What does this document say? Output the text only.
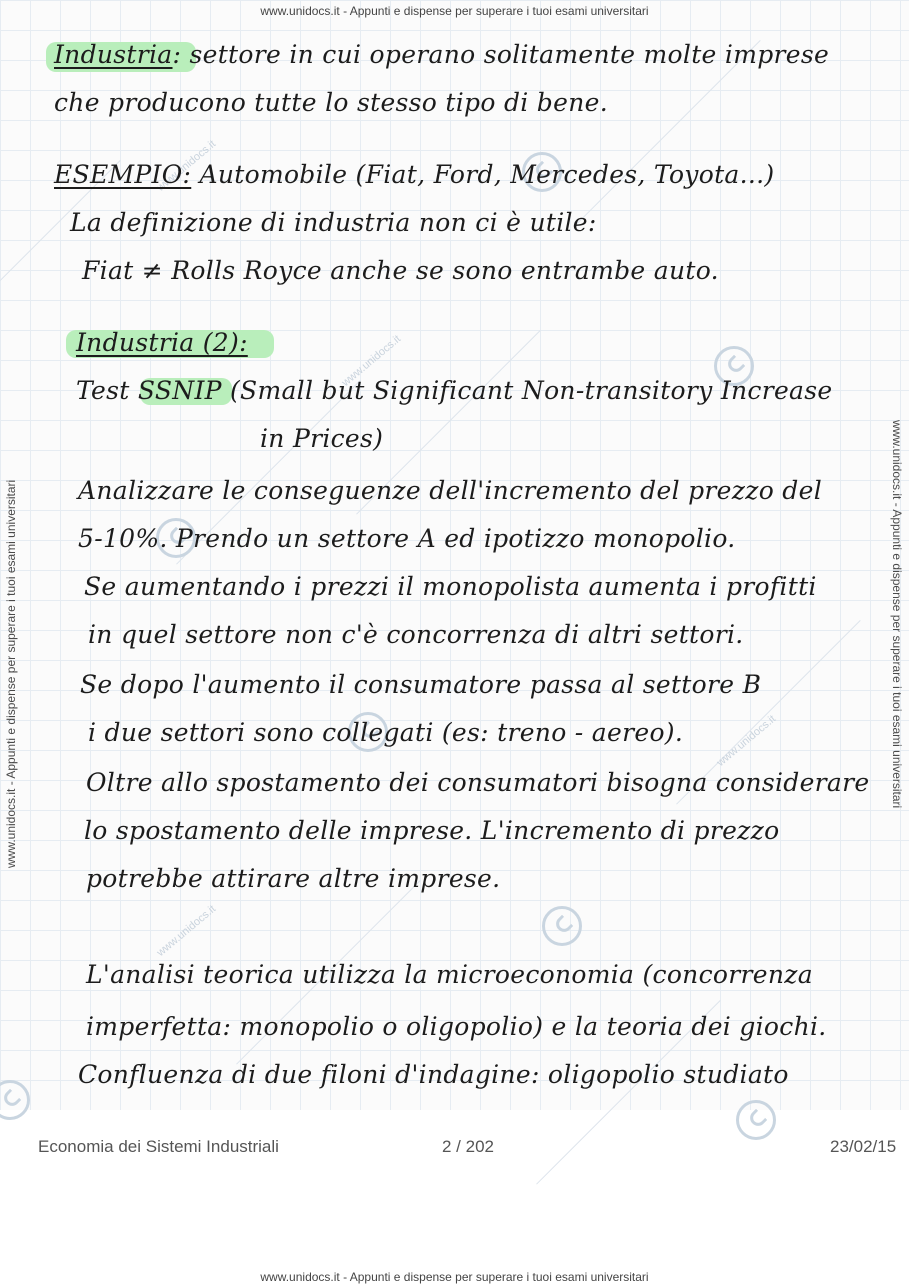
www.unidocs.it
www.unidocs.it
www.unidocs.it
www.unidocs.it
www.unidocs.it - Appunti e dispense per superare i tuoi esami universitari
www.unidocs.it - Appunti e dispense per superare i tuoi esami universitari	www.unidocs.it - Appunti e dispense per superare i tuoi esami universitari
Industria: settore in cui operano solitamente molte imprese
che producono tutte lo stesso tipo di bene.
ESEMPIO: Automobile (Fiat, Ford, Mercedes, Toyota...)
La definizione di industria non ci è utile:
Fiat ≠ Rolls Royce anche se sono entrambe auto.
Industria (2):
Test SSNIP (Small but Significant Non-transitory Increase
in Prices)
Analizzare le conseguenze dell'incremento del prezzo del
5-10%. Prendo un settore A ed ipotizzo monopolio.
Se aumentando i prezzi il monopolista aumenta i profitti
in quel settore non c'è concorrenza di altri settori.
Se dopo l'aumento il consumatore passa al settore B
i due settori sono collegati (es: treno - aereo).
Oltre allo spostamento dei consumatori bisogna considerare
lo spostamento delle imprese. L'incremento di prezzo
potrebbe attirare altre imprese.
L'analisi teorica utilizza la microeconomia (concorrenza
imperfetta: monopolio o oligopolio) e la teoria dei giochi.
Confluenza di due filoni d'indagine: oligopolio studiato
Economia dei Sistemi Industriali	2 / 202	23/02/15
www.unidocs.it - Appunti e dispense per superare i tuoi esami universitari
